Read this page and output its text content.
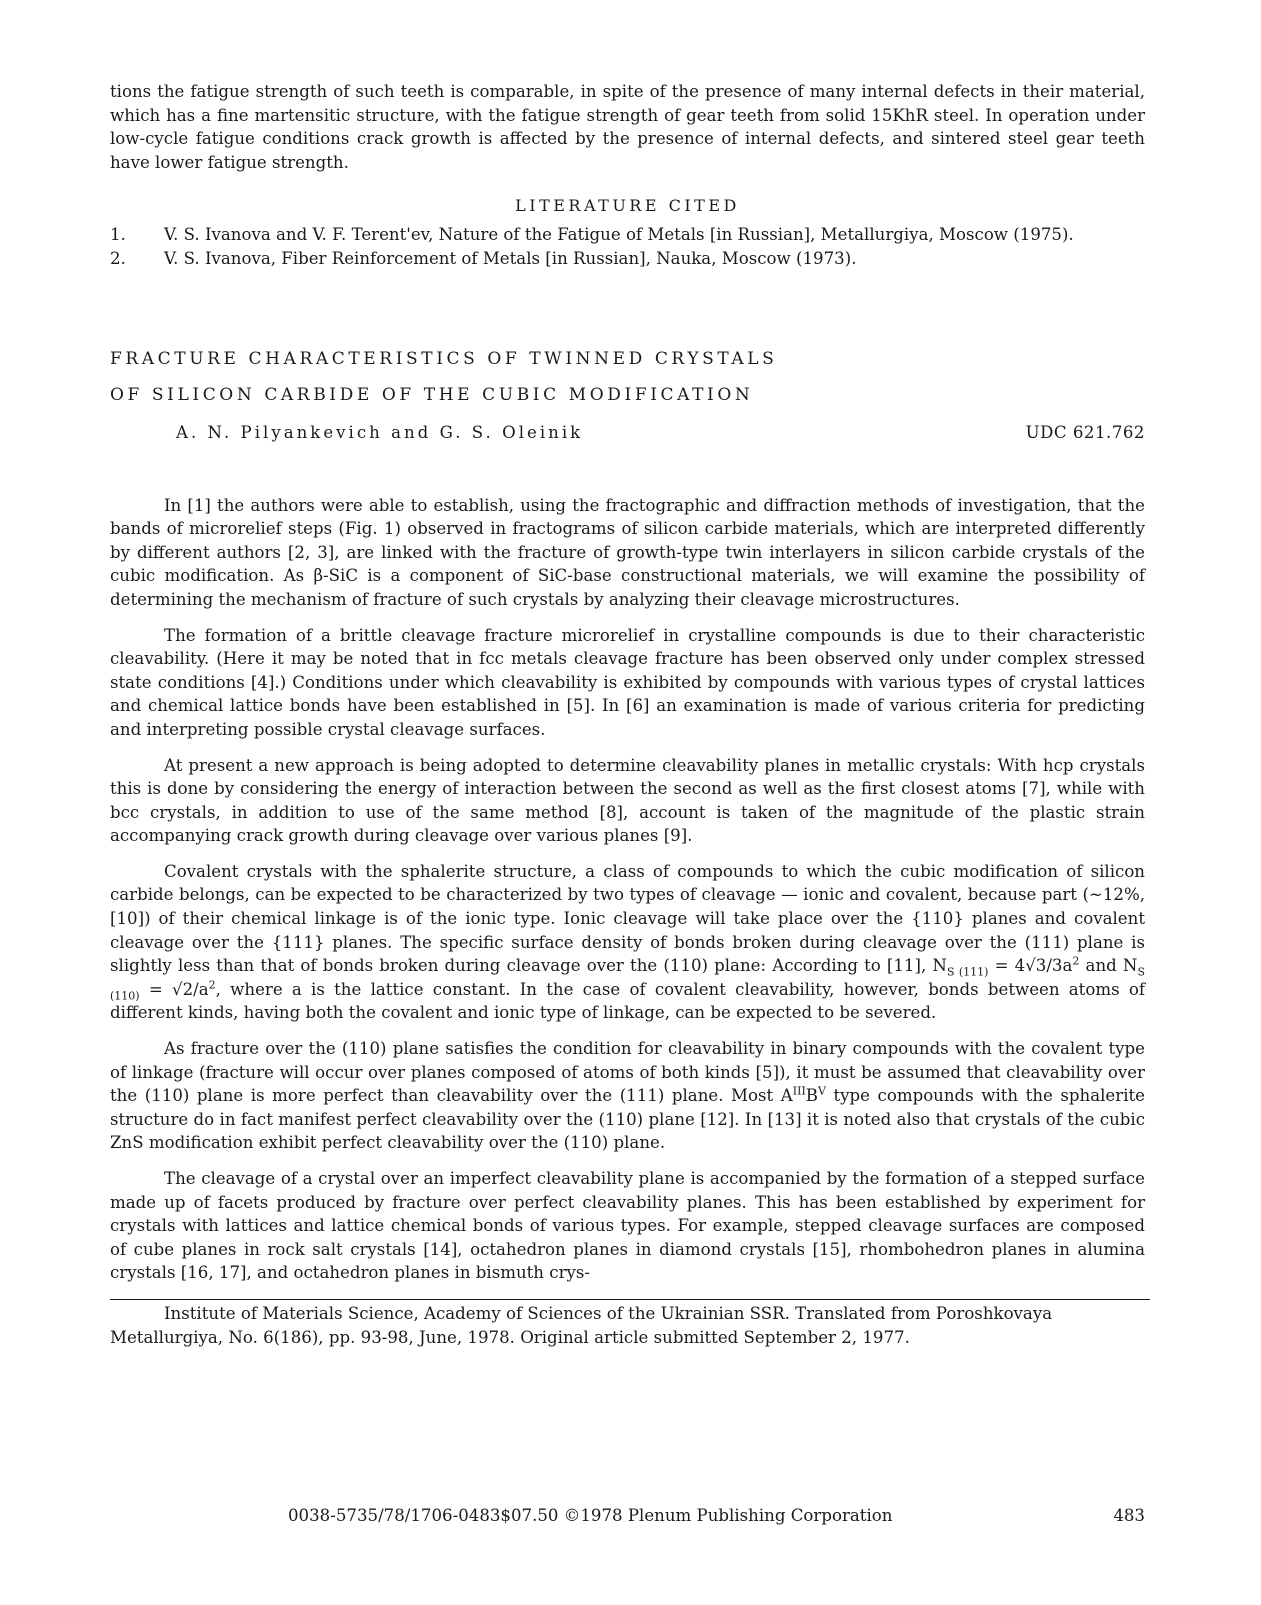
tions the fatigue strength of such teeth is comparable, in spite of the presence of many internal defects in their material, which has a fine martensitic structure, with the fatigue strength of gear teeth from solid 15KhR steel. In operation under low-cycle fatigue conditions crack growth is affected by the presence of internal defects, and sintered steel gear teeth have lower fatigue strength.

LITERATURE CITED
1.	V. S. Ivanova and V. F. Terent'ev, Nature of the Fatigue of Metals [in Russian], Metallurgiya, Moscow (1975).
2.	V. S. Ivanova, Fiber Reinforcement of Metals [in Russian], Nauka, Moscow (1973).
FRACTURE CHARACTERISTICS OF TWINNED CRYSTALS
OF SILICON CARBIDE OF THE CUBIC MODIFICATION
A. N. Pilyankevich and G. S. Oleinik	UDC 621.762

In [1] the authors were able to establish, using the fractographic and diffraction methods of investigation, that the bands of microrelief steps (Fig. 1) observed in fractograms of silicon carbide materials, which are interpreted differently by different authors [2, 3], are linked with the fracture of growth-type twin interlayers in silicon carbide crystals of the cubic modification. As β-SiC is a component of SiC-base constructional materials, we will examine the possibility of determining the mechanism of fracture of such crystals by analyzing their cleavage microstructures.

The formation of a brittle cleavage fracture microrelief in crystalline compounds is due to their characteristic cleavability. (Here it may be noted that in fcc metals cleavage fracture has been observed only under complex stressed state conditions [4].) Conditions under which cleavability is exhibited by compounds with various types of crystal lattices and chemical lattice bonds have been established in [5]. In [6] an examination is made of various criteria for predicting and interpreting possible crystal cleavage surfaces.

At present a new approach is being adopted to determine cleavability planes in metallic crystals: With hcp crystals this is done by considering the energy of interaction between the second as well as the first closest atoms [7], while with bcc crystals, in addition to use of the same method [8], account is taken of the magnitude of the plastic strain accompanying crack growth during cleavage over various planes [9].

Covalent crystals with the sphalerite structure, a class of compounds to which the cubic modification of silicon carbide belongs, can be expected to be characterized by two types of cleavage — ionic and covalent, because part (~12%, [10]) of their chemical linkage is of the ionic type. Ionic cleavage will take place over the {110} planes and covalent cleavage over the {111} planes. The specific surface density of bonds broken during cleavage over the (111) plane is slightly less than that of bonds broken during cleavage over the (110) plane: According to [11], $N_{S (111)} = 4√3/3a^2$ and $N_{S (110)} = √2/a^2$, where a is the lattice constant. In the case of covalent cleavability, however, bonds between atoms of different kinds, having both the covalent and ionic type of linkage, can be expected to be severed.

As fracture over the (110) plane satisfies the condition for cleavability in binary compounds with the covalent type of linkage (fracture will occur over planes composed of atoms of both kinds [5]), it must be assumed that cleavability over the (110) plane is more perfect than cleavability over the (111) plane. Most $A^{III}B^V$ type compounds with the sphalerite structure do in fact manifest perfect cleavability over the (110) plane [12]. In [13] it is noted also that crystals of the cubic ZnS modification exhibit perfect cleavability over the (110) plane.

The cleavage of a crystal over an imperfect cleavability plane is accompanied by the formation of a stepped surface made up of facets produced by fracture over perfect cleavability planes. This has been established by experiment for crystals with lattices and lattice chemical bonds of various types. For example, stepped cleavage surfaces are composed of cube planes in rock salt crystals [14], octahedron planes in diamond crystals [15], rhombohedron planes in alumina crystals [16, 17], and octahedron planes in bismuth crys-

Institute of Materials Science, Academy of Sciences of the Ukrainian SSR. Translated from Poroshkovaya Metallurgiya, No. 6(186), pp. 93-98, June, 1978. Original article submitted September 2, 1977.

0038-5735/78/1706-0483$07.50 ©1978 Plenum Publishing Corporation	483
